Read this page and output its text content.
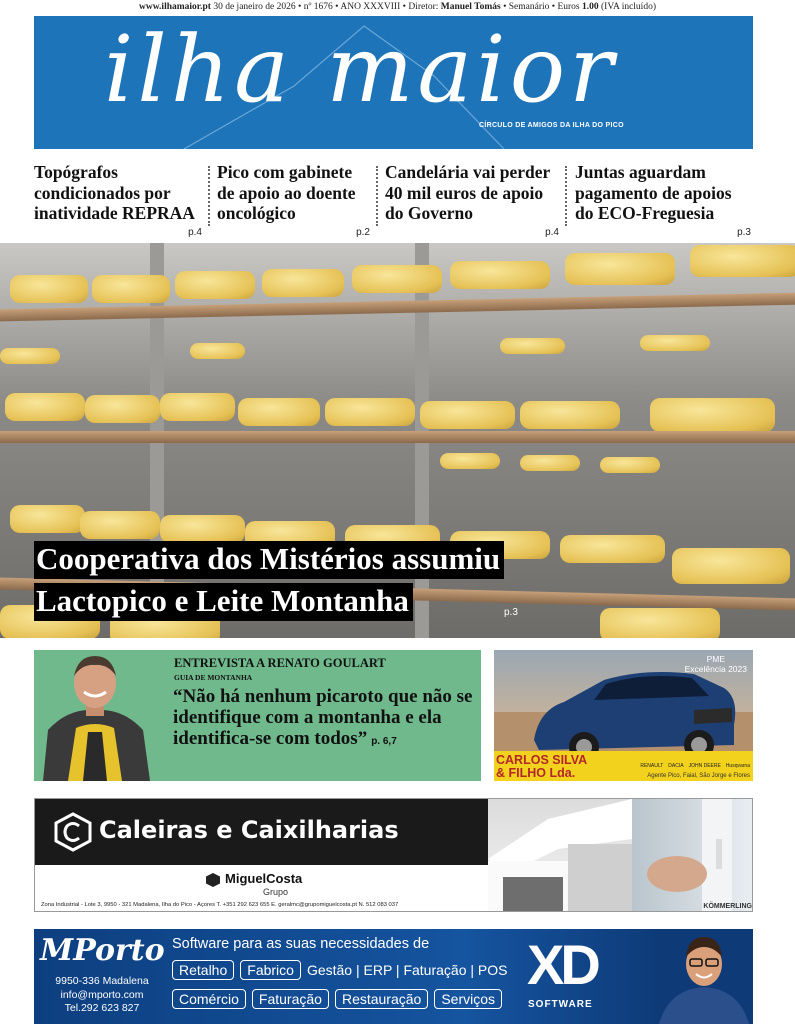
www.ilhamaior.pt 30 de janeiro de 2026 • nº 1676 • ANO XXXVIII • Diretor: Manuel Tomás • Semanário • Euros 1.00 (IVA incluído)
ilha maior
CÍRCULO DE AMIGOS DA ILHA DO PICO
Topógrafos condicionados por inatividade REPRAA
p.4
Pico com gabinete de apoio ao doente oncológico
p.2
Candelária vai perder 40 mil euros de apoio do Governo
p.4
Juntas aguardam pagamento de apoios do ECO-Freguesia
p.3
Cooperativa dos Mistérios assumiu
Lactopico e Leite Montanha	p.3
ENTREVISTA A RENATO GOULART
GUIA DE MONTANHA
“Não há nenhum picaroto que não se identifique com a montanha e ela identifica-se com todos” p. 6,7
PME
Excelência 2023
CARLOS SILVA
& FILHO Lda.	RENAULT DACIA JOHN DEERE Husqvarna
Agente Pico, Faial, São Jorge e Flores
Caleiras e Caixilharias
MiguelCosta
Grupo
Zona Industrial - Lote 3, 9950 - 321 Madalena, Ilha do Pico - Açores T. +351 292 623 655 E. geralmc@grupomiguelcosta.pt N. 512 083 037	KÖMMERLING
MPorto
9950-336 Madalena
info@mporto.com
Tel.292 623 827
Software para as suas necessidades de
Retalho	Fabrico Gestão | ERP | Faturação | POS
Comércio	Faturação	Restauração	Serviços
XD
SOFTWARE
